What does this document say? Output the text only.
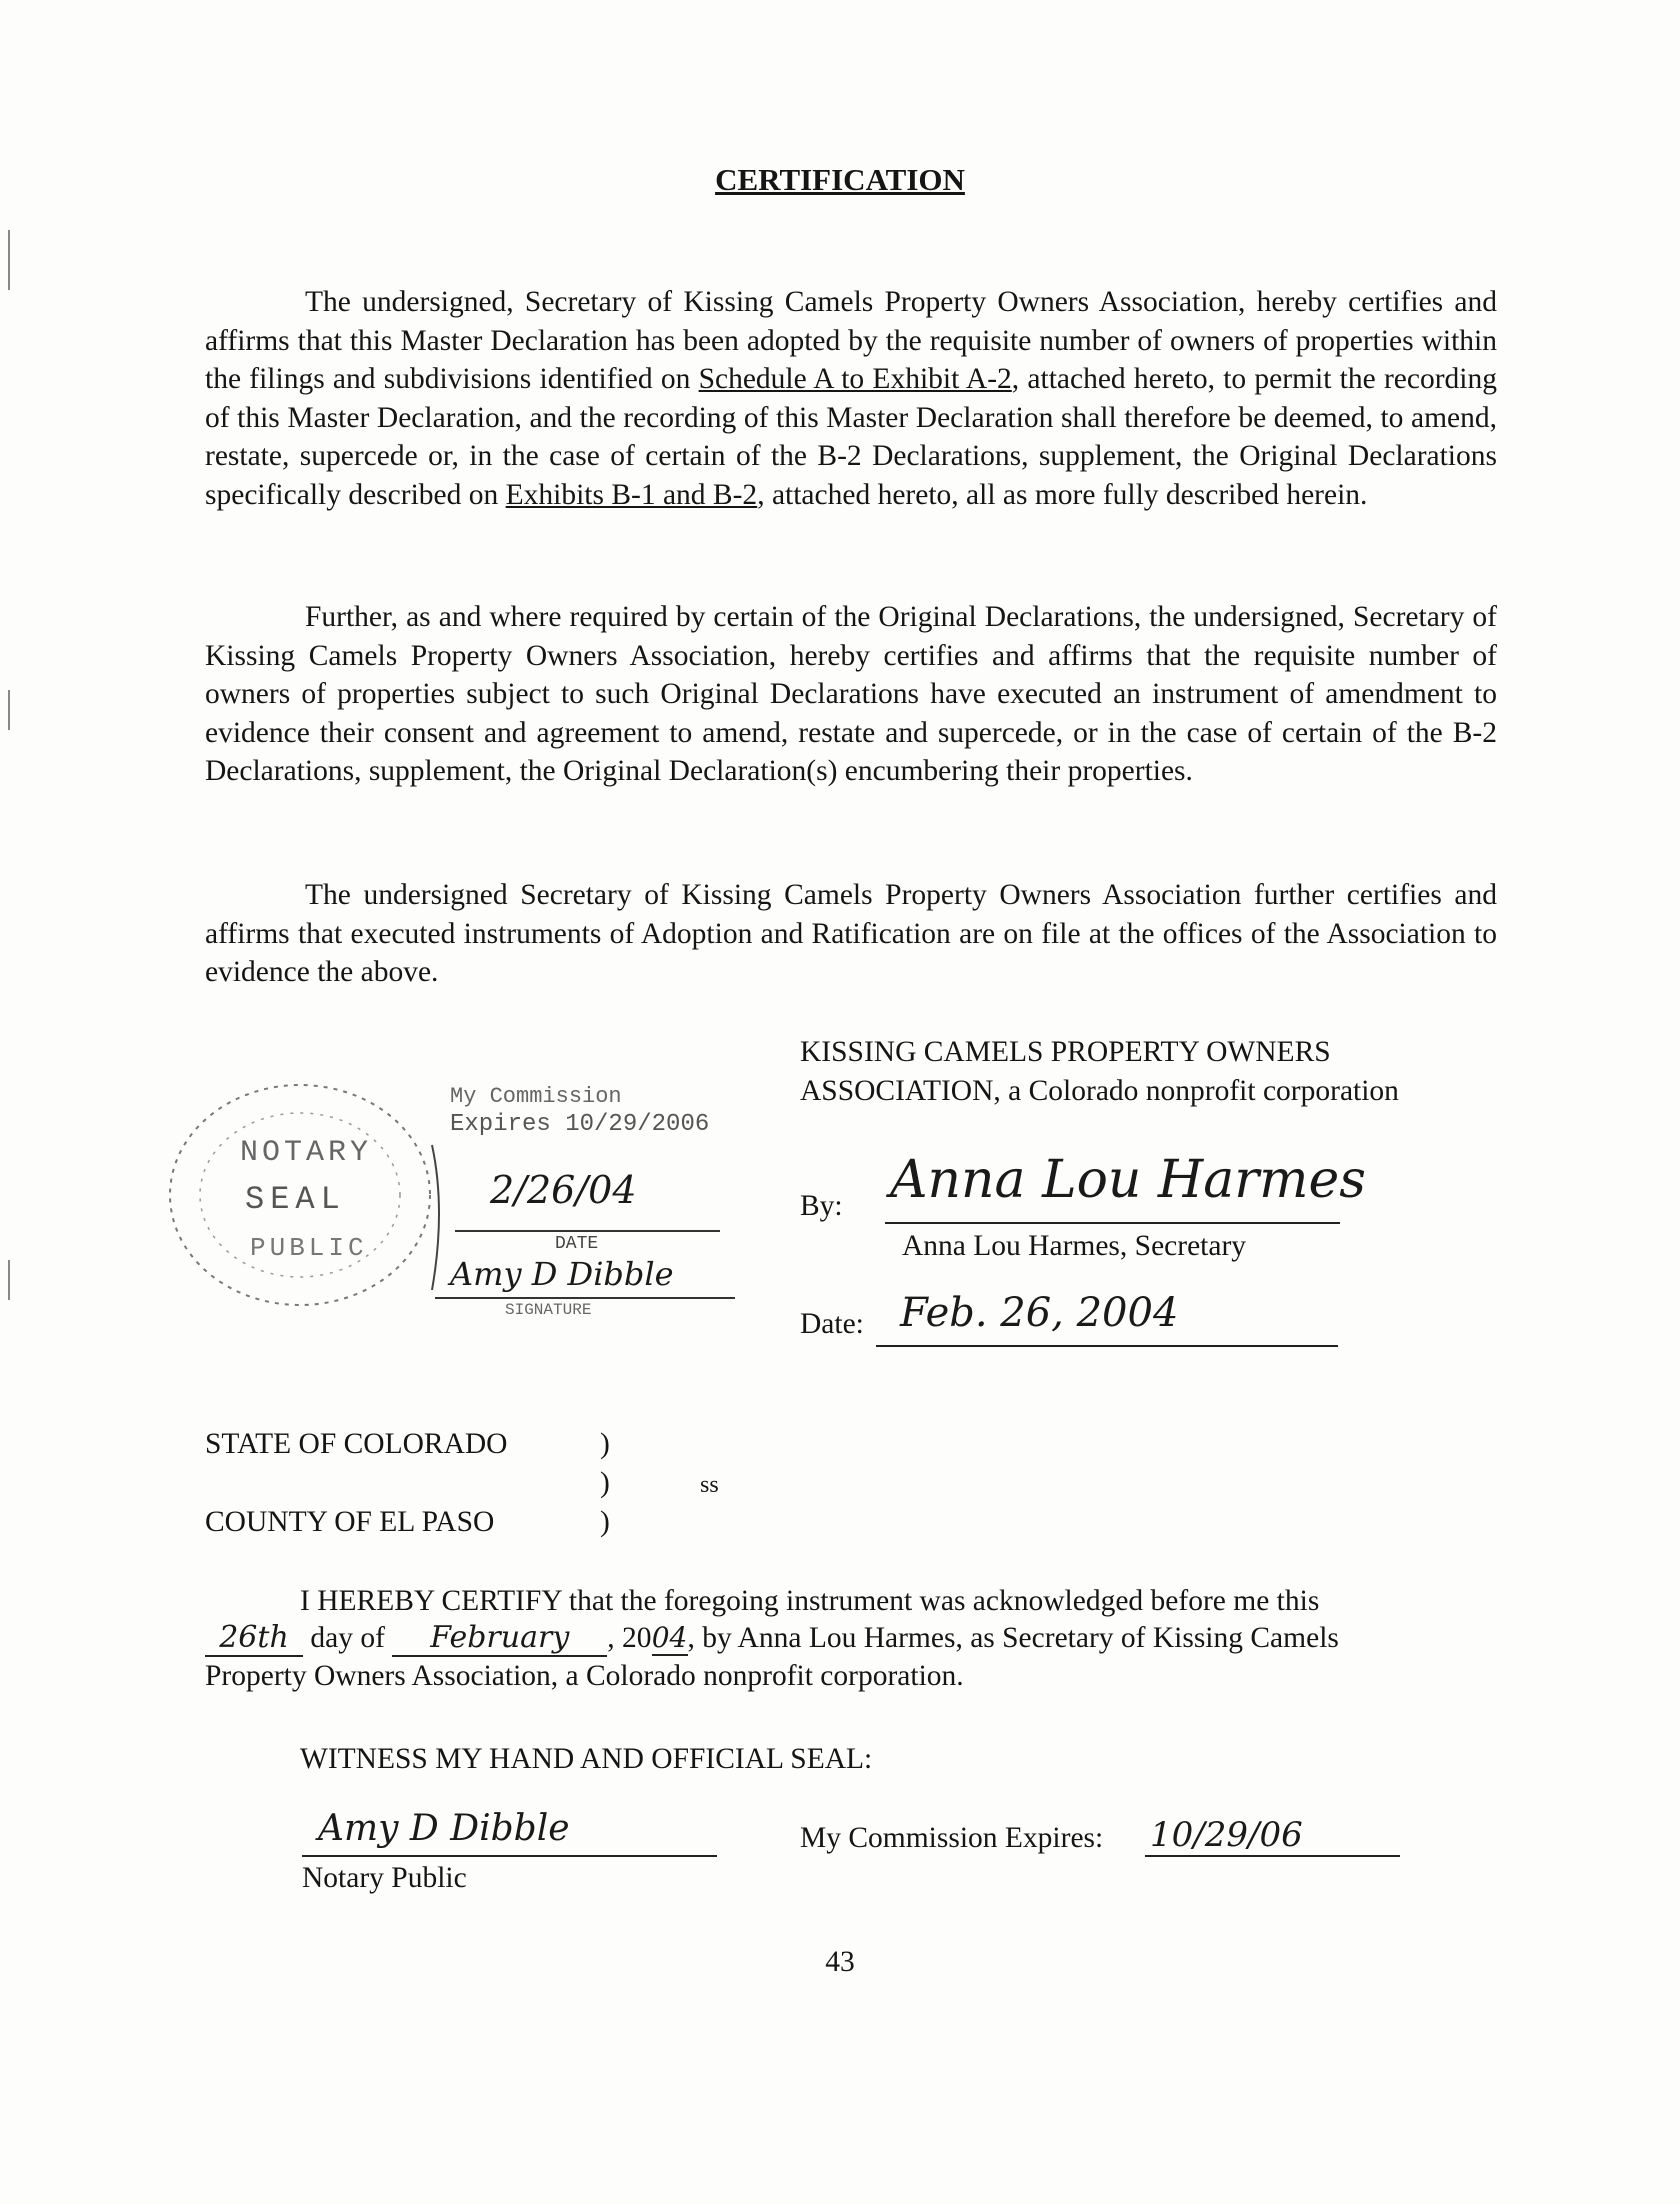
CERTIFICATION

The undersigned, Secretary of Kissing Camels Property Owners Association, hereby certifies and affirms that this Master Declaration has been adopted by the requisite number of owners of properties within the filings and subdivisions identified on Schedule A to Exhibit A-2, attached hereto, to permit the recording of this Master Declaration, and the recording of this Master Declaration shall therefore be deemed, to amend, restate, supercede or, in the case of certain of the B-2 Declarations, supplement, the Original Declarations specifically described on Exhibits B-1 and B-2, attached hereto, all as more fully described herein.

Further, as and where required by certain of the Original Declarations, the undersigned, Secretary of Kissing Camels Property Owners Association, hereby certifies and affirms that the requisite number of owners of properties subject to such Original Declarations have executed an instrument of amendment to evidence their consent and agreement to amend, restate and supercede, or in the case of certain of the B-2 Declarations, supplement, the Original Declaration(s) encumbering their properties.

The undersigned Secretary of Kissing Camels Property Owners Association further certifies and affirms that executed instruments of Adoption and Ratification are on file at the offices of the Association to evidence the above.

KISSING CAMELS PROPERTY OWNERS
ASSOCIATION, a Colorado nonprofit corporation
By: Anna Lou Harmes
Anna Lou Harmes, Secretary
Date: Feb. 26, 2004
NOTARY
SEAL
PUBLIC
My Commission
Expires 10/29/2006
2/26/04
DATE
Amy D Dibble
SIGNATURE
STATE OF COLORADO	)
)	ss
COUNTY OF EL PASO	)
I HEREBY CERTIFY that the foregoing instrument was acknowledged before me this
26th day of February , 2004, by Anna Lou Harmes, as Secretary of Kissing Camels
Property Owners Association, a Colorado nonprofit corporation.
WITNESS MY HAND AND OFFICIAL SEAL:
Amy D Dibble
Notary Public
My Commission Expires: 10/29/06
43
